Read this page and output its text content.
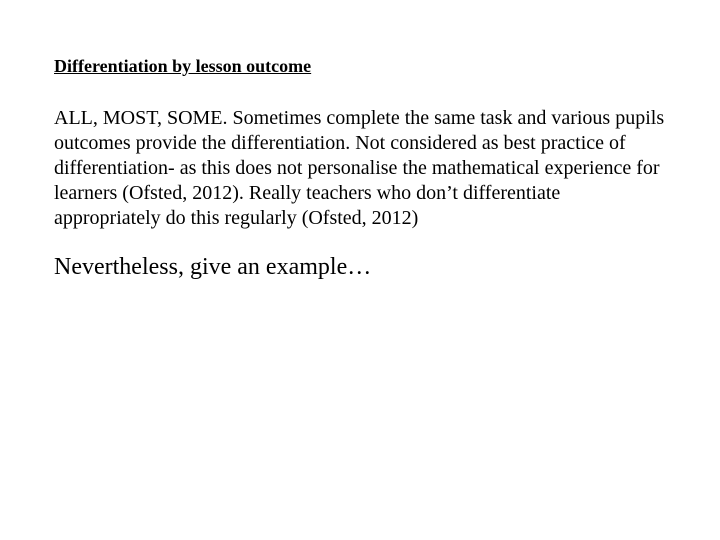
Differentiation by lesson outcome

ALL, MOST, SOME. Sometimes complete the same task and various pupils outcomes provide the differentiation. Not considered as best practice of differentiation- as this does not personalise the mathematical experience for learners (Ofsted, 2012). Really teachers who don’t differentiate appropriately do this regularly (Ofsted, 2012)

Nevertheless, give an example…
